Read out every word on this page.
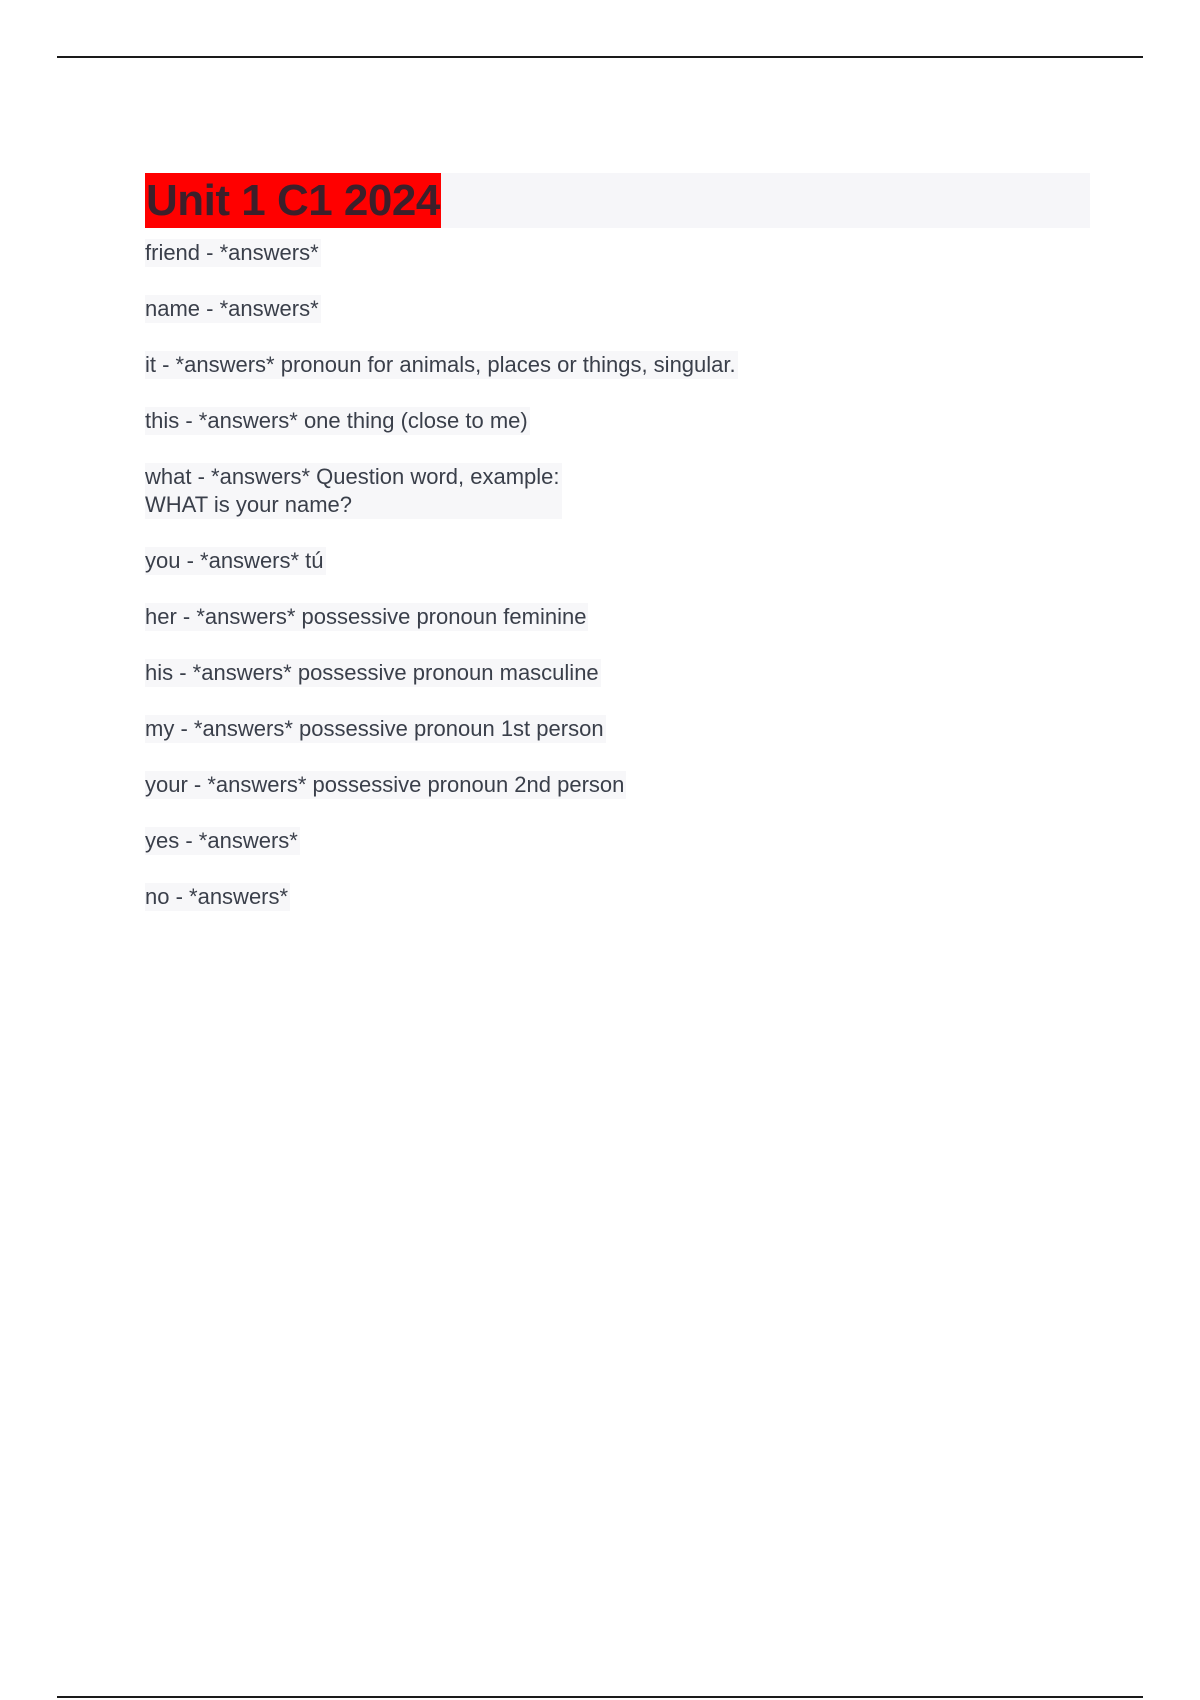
Unit 1 C1 2024
friend - *answers*
name - *answers*
it - *answers* pronoun for animals, places or things, singular.
this - *answers* one thing (close to me)
what - *answers* Question word, example:
WHAT is your name?
you - *answers* tú
her - *answers* possessive pronoun feminine
his - *answers* possessive pronoun masculine
my - *answers* possessive pronoun 1st person
your - *answers* possessive pronoun 2nd person
yes - *answers*
no - *answers*
